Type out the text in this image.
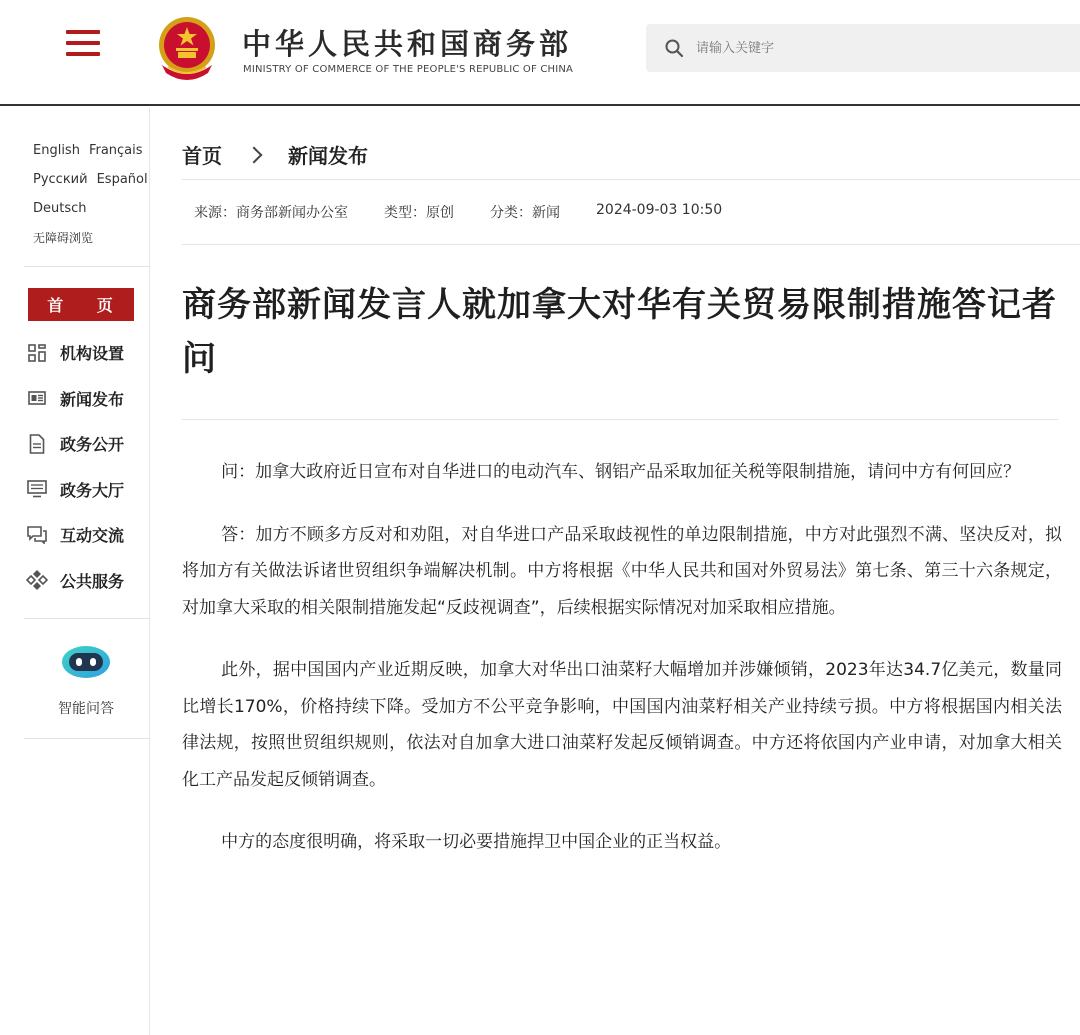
中华人民共和国商务部
MINISTRY OF COMMERCE OF THE PEOPLE'S REPUBLIC OF CHINA
请输入关键字
English Français
Русский Español
Deutsch
无障碍浏览
首 页
机构设置
新闻发布
政务公开
政务大厅
互动交流
公共服务
智能问答
首页	新闻发布
来源：商务部新闻办公室	类型：原创	分类：新闻	2024-09-03 10:50
商务部新闻发言人就加拿大对华有关贸易限制措施答记者问

问：加拿大政府近日宣布对自华进口的电动汽车、钢铝产品采取加征关税等限制措施，请问中方有何回应？

答：加方不顾多方反对和劝阻，对自华进口产品采取歧视性的单边限制措施，中方对此强烈不满、坚决反对，拟将加方有关做法诉诸世贸组织争端解决机制。中方将根据《中华人民共和国对外贸易法》第七条、第三十六条规定，对加拿大采取的相关限制措施发起“反歧视调查”，后续根据实际情况对加采取相应措施。

此外，据中国国内产业近期反映，加拿大对华出口油菜籽大幅增加并涉嫌倾销，2023年达34.7亿美元，数量同比增长170%，价格持续下降。受加方不公平竞争影响，中国国内油菜籽相关产业持续亏损。中方将根据国内相关法律法规，按照世贸组织规则，依法对自加拿大进口油菜籽发起反倾销调查。中方还将依国内产业申请，对加拿大相关化工产品发起反倾销调查。

中方的态度很明确，将采取一切必要措施捍卫中国企业的正当权益。
